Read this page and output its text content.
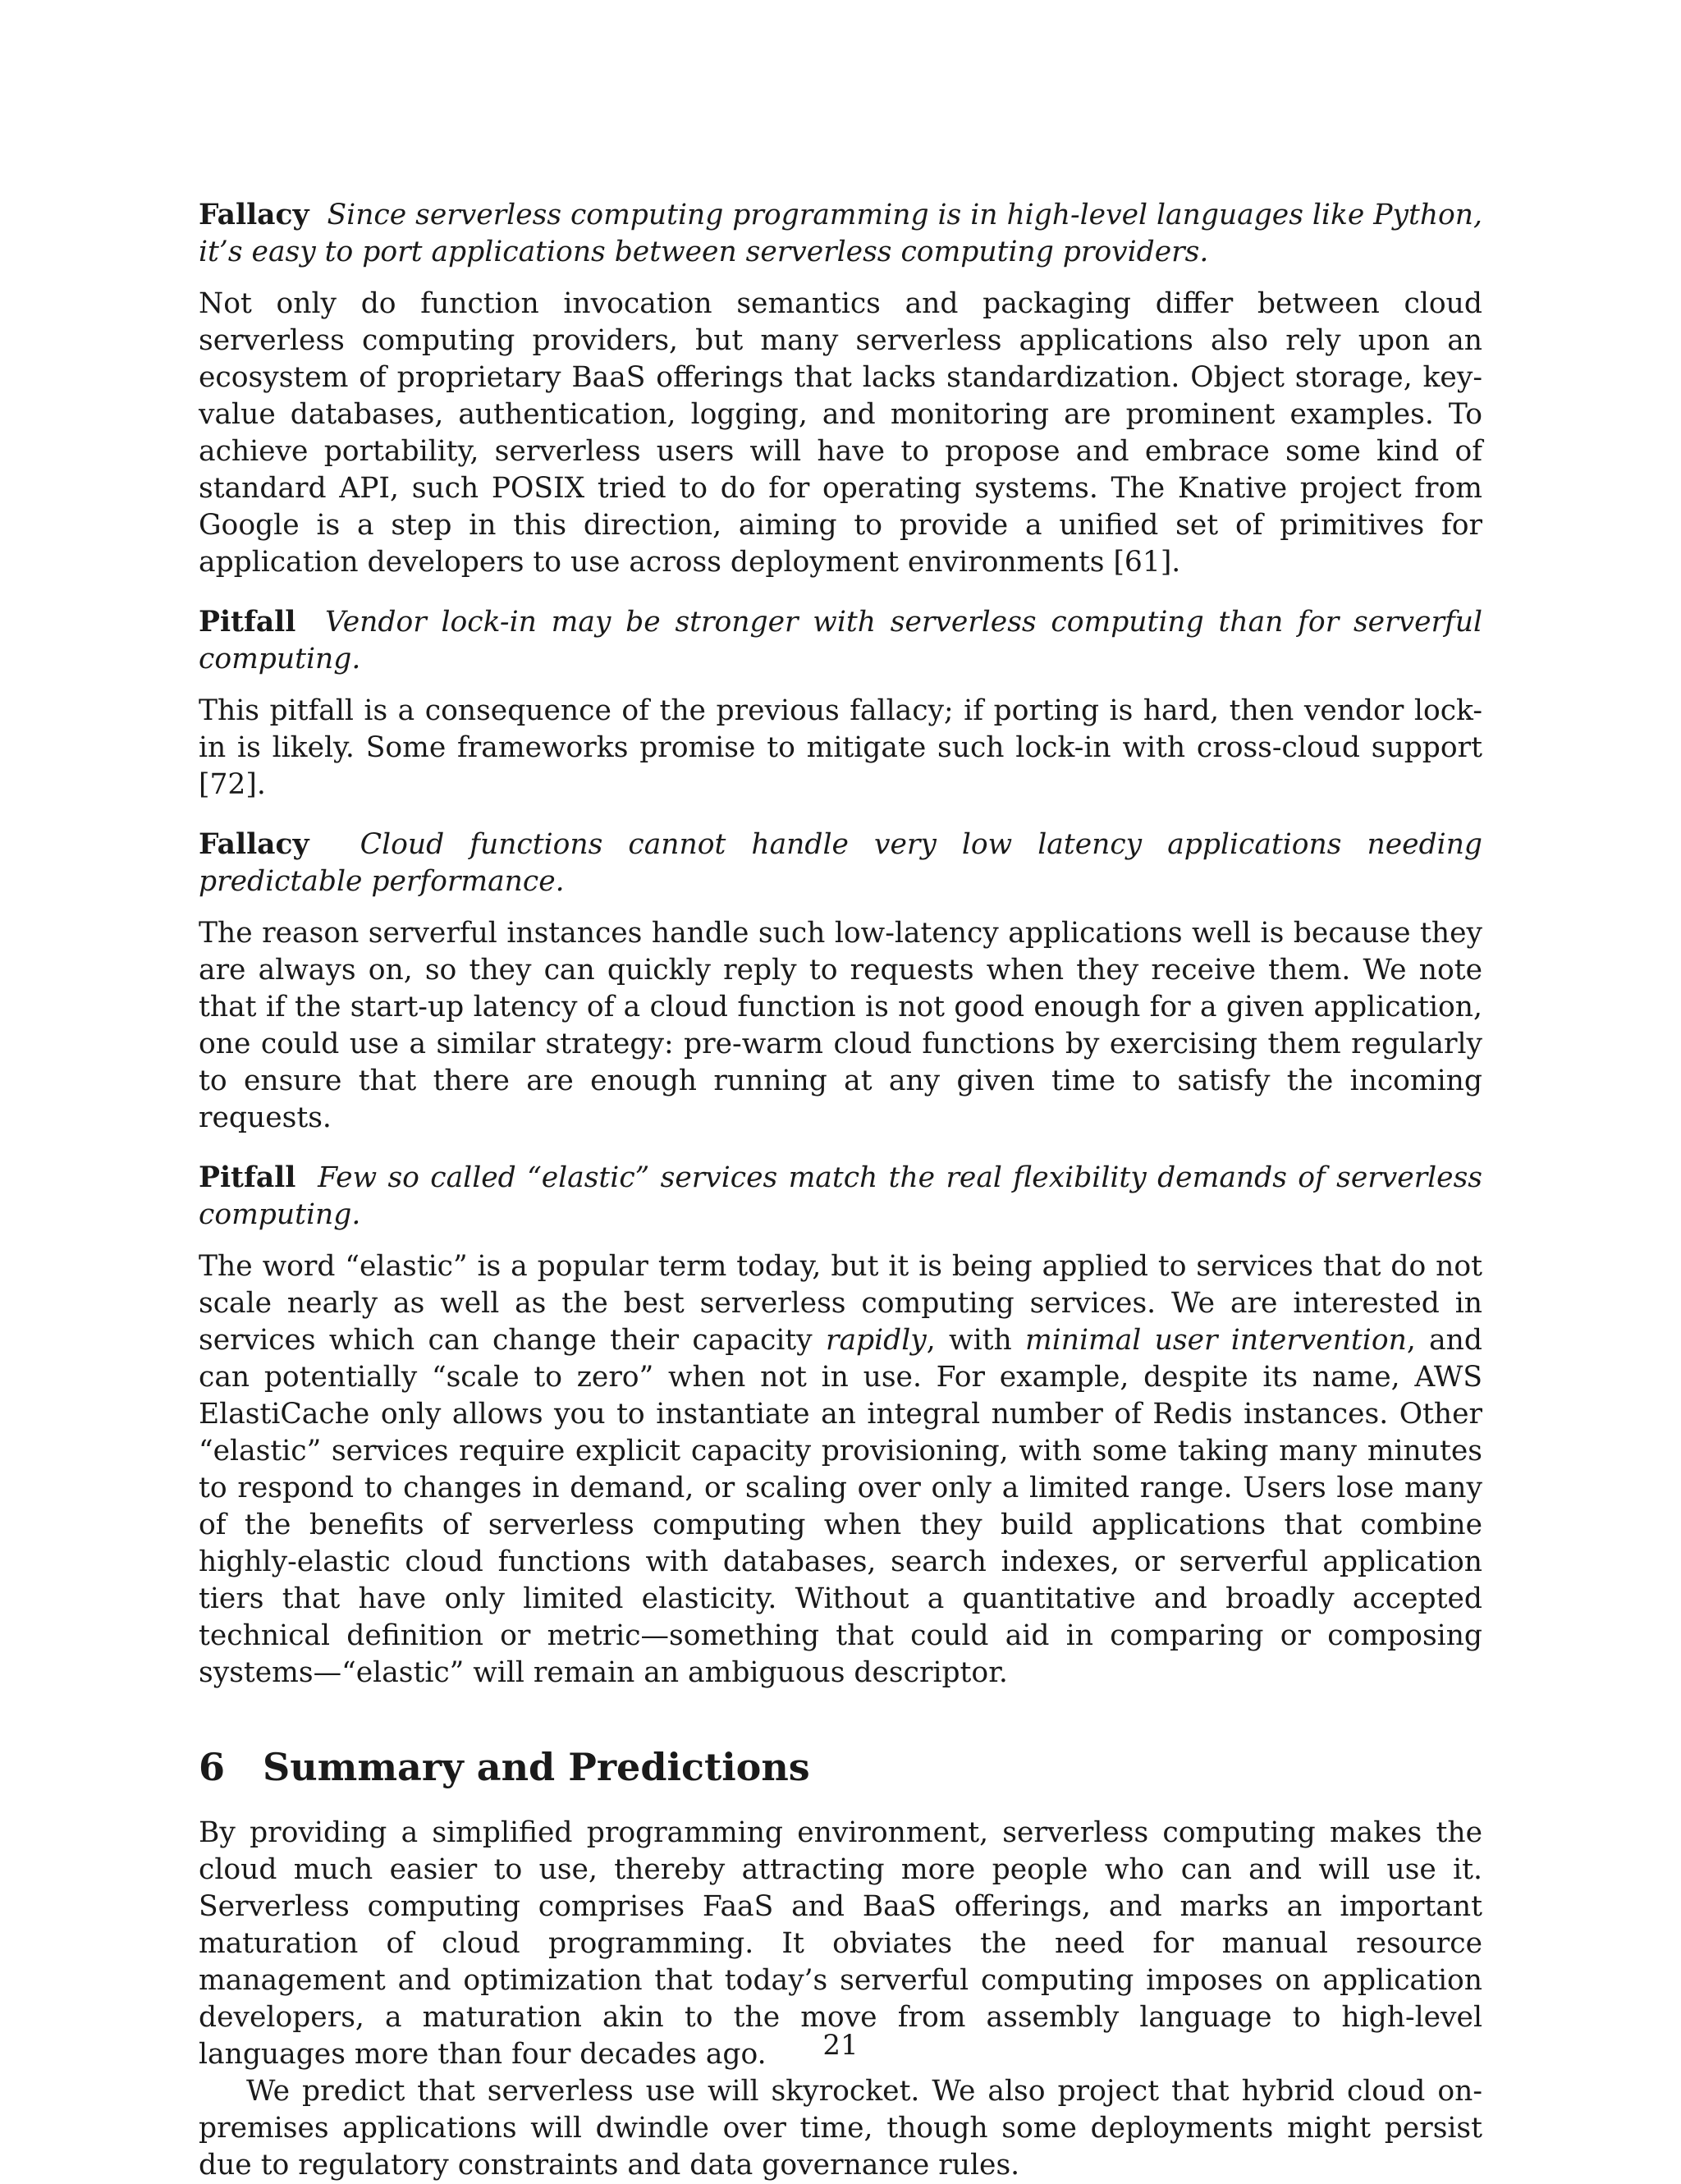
Fallacy Since serverless computing programming is in high-level languages like Python, it’s easy to port applications between serverless computing providers.

Not only do function invocation semantics and packaging differ between cloud serverless computing providers, but many serverless applications also rely upon an ecosystem of proprietary BaaS offerings that lacks standardization. Object storage, key-value databases, authentication, logging, and monitoring are prominent examples. To achieve portability, serverless users will have to propose and embrace some kind of standard API, such POSIX tried to do for operating systems. The Knative project from Google is a step in this direction, aiming to provide a unified set of primitives for application developers to use across deployment environments [61].

Pitfall Vendor lock-in may be stronger with serverless computing than for serverful computing.

This pitfall is a consequence of the previous fallacy; if porting is hard, then vendor lock-in is likely. Some frameworks promise to mitigate such lock-in with cross-cloud support [72].

Fallacy Cloud functions cannot handle very low latency applications needing predictable performance.

The reason serverful instances handle such low-latency applications well is because they are always on, so they can quickly reply to requests when they receive them. We note that if the start-up latency of a cloud function is not good enough for a given application, one could use a similar strategy: pre-warm cloud functions by exercising them regularly to ensure that there are enough running at any given time to satisfy the incoming requests.

Pitfall Few so called “elastic” services match the real flexibility demands of serverless computing.

The word “elastic” is a popular term today, but it is being applied to services that do not scale nearly as well as the best serverless computing services. We are interested in services which can change their capacity rapidly, with minimal user intervention, and can potentially “scale to zero” when not in use. For example, despite its name, AWS ElastiCache only allows you to instantiate an integral number of Redis instances. Other “elastic” services require explicit capacity provisioning, with some taking many minutes to respond to changes in demand, or scaling over only a limited range. Users lose many of the benefits of serverless computing when they build applications that combine highly-elastic cloud functions with databases, search indexes, or serverful application tiers that have only limited elasticity. Without a quantitative and broadly accepted technical definition or metric—something that could aid in comparing or composing systems—“elastic” will remain an ambiguous descriptor.

6 Summary and Predictions

By providing a simplified programming environment, serverless computing makes the cloud much easier to use, thereby attracting more people who can and will use it. Serverless computing comprises FaaS and BaaS offerings, and marks an important maturation of cloud programming. It obviates the need for manual resource management and optimization that today’s serverful computing imposes on application developers, a maturation akin to the move from assembly language to high-level languages more than four decades ago.

We predict that serverless use will skyrocket. We also project that hybrid cloud on-premises applications will dwindle over time, though some deployments might persist due to regulatory constraints and data governance rules.

21
